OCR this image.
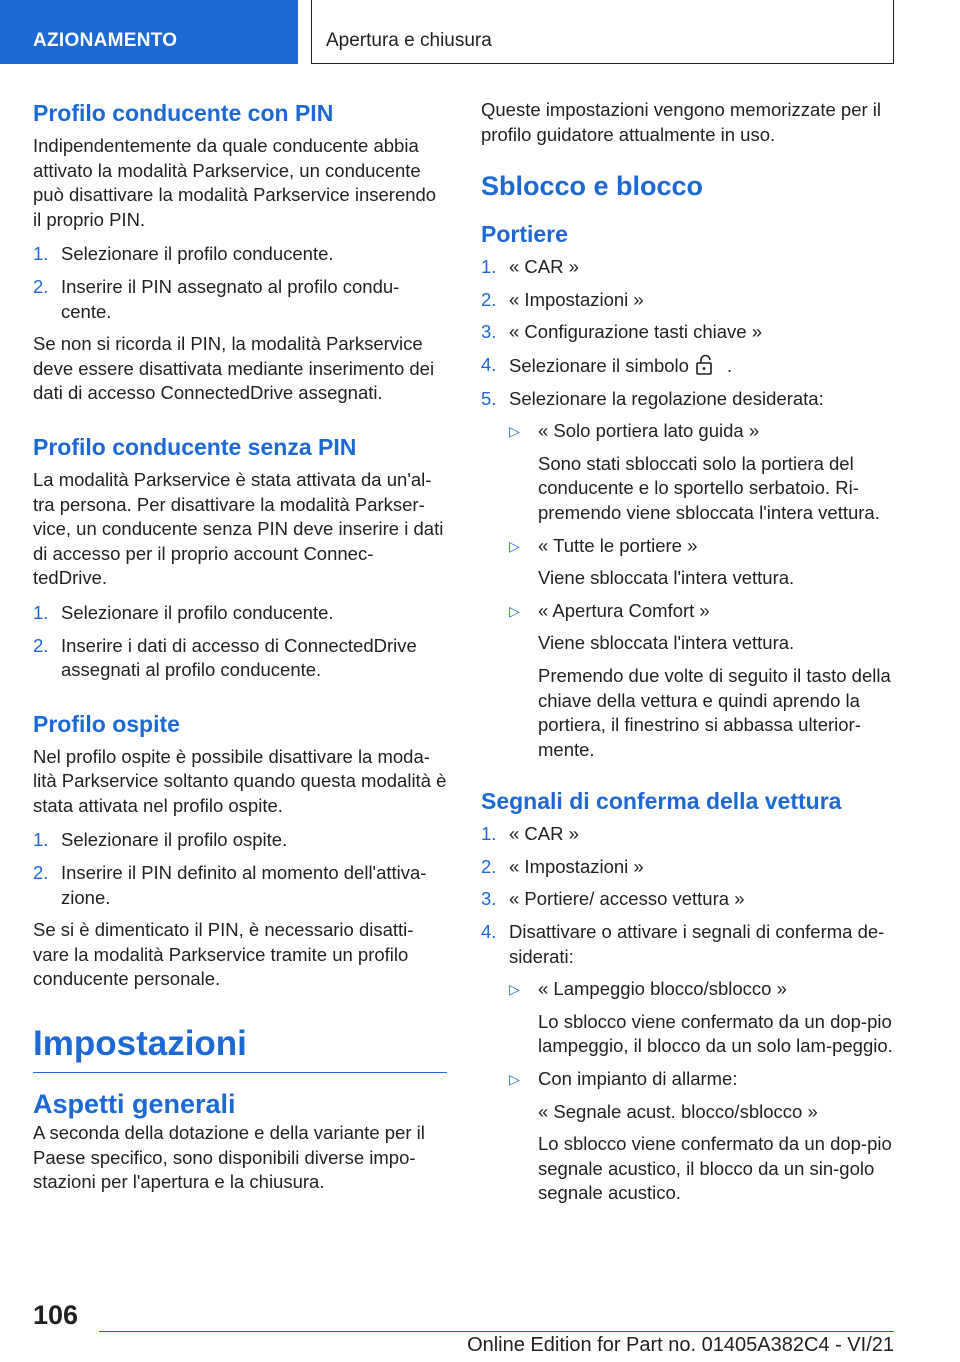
AZIONAMENTO	Apertura e chiusura
Profilo conducente con PIN

Indipendentemente da quale conducente abbia attivato la modalità Parkservice, un conducente può disattivare la modalità Parkservice inserendo il proprio PIN.

1. Selezionare il profilo conducente.
2. Inserire il PIN assegnato al profilo condu‐cente.

Se non si ricorda il PIN, la modalità Parkservice deve essere disattivata mediante inserimento dei dati di accesso ConnectedDrive assegnati.

Profilo conducente senza PIN

La modalità Parkservice è stata attivata da un'al‐tra persona. Per disattivare la modalità Parkser‐vice, un conducente senza PIN deve inserire i dati di accesso per il proprio account Connec‐tedDrive.

1. Selezionare il profilo conducente.
2. Inserire i dati di accesso di ConnectedDrive assegnati al profilo conducente.
Profilo ospite

Nel profilo ospite è possibile disattivare la moda‐lità Parkservice soltanto quando questa modalità è stata attivata nel profilo ospite.

1. Selezionare il profilo ospite.
2. Inserire il PIN definito al momento dell'attiva‐zione.

Se si è dimenticato il PIN, è necessario disatti‐vare la modalità Parkservice tramite un profilo conducente personale.

Impostazioni
Aspetti generali

A seconda della dotazione e della variante per il Paese specifico, sono disponibili diverse impo‐stazioni per l'apertura e la chiusura.

Queste impostazioni vengono memorizzate per il profilo guidatore attualmente in uso.

Sblocco e blocco
Portiere
1. « CAR »
2. « Impostazioni »
3. « Configurazione tasti chiave »
4. Selezionare il simbolo .
5. Selezionare la regolazione desiderata:
▷ « Solo portiera lato guida »
Sono stati sbloccati solo la portiera del conducente e lo sportello serbatoio. Ri‐premendo viene sbloccata l'intera vettura.
▷ « Tutte le portiere »
Viene sbloccata l'intera vettura.
▷ « Apertura Comfort »
Viene sbloccata l'intera vettura.
Premendo due volte di seguito il tasto della chiave della vettura e quindi aprendo la portiera, il finestrino si abbassa ulterior‐mente.
Segnali di conferma della vettura
1. « CAR »
2. « Impostazioni »
3. « Portiere/ accesso vettura »
4. Disattivare o attivare i segnali di conferma de‐siderati:
▷ « Lampeggio blocco/sblocco »
Lo sblocco viene confermato da un dop‐pio lampeggio, il blocco da un solo lam‐peggio.
▷ Con impianto di allarme:
« Segnale acust. blocco/sblocco »
Lo sblocco viene confermato da un dop‐pio segnale acustico, il blocco da un sin‐golo segnale acustico.
106
Online Edition for Part no. 01405A382C4 - VI/21
